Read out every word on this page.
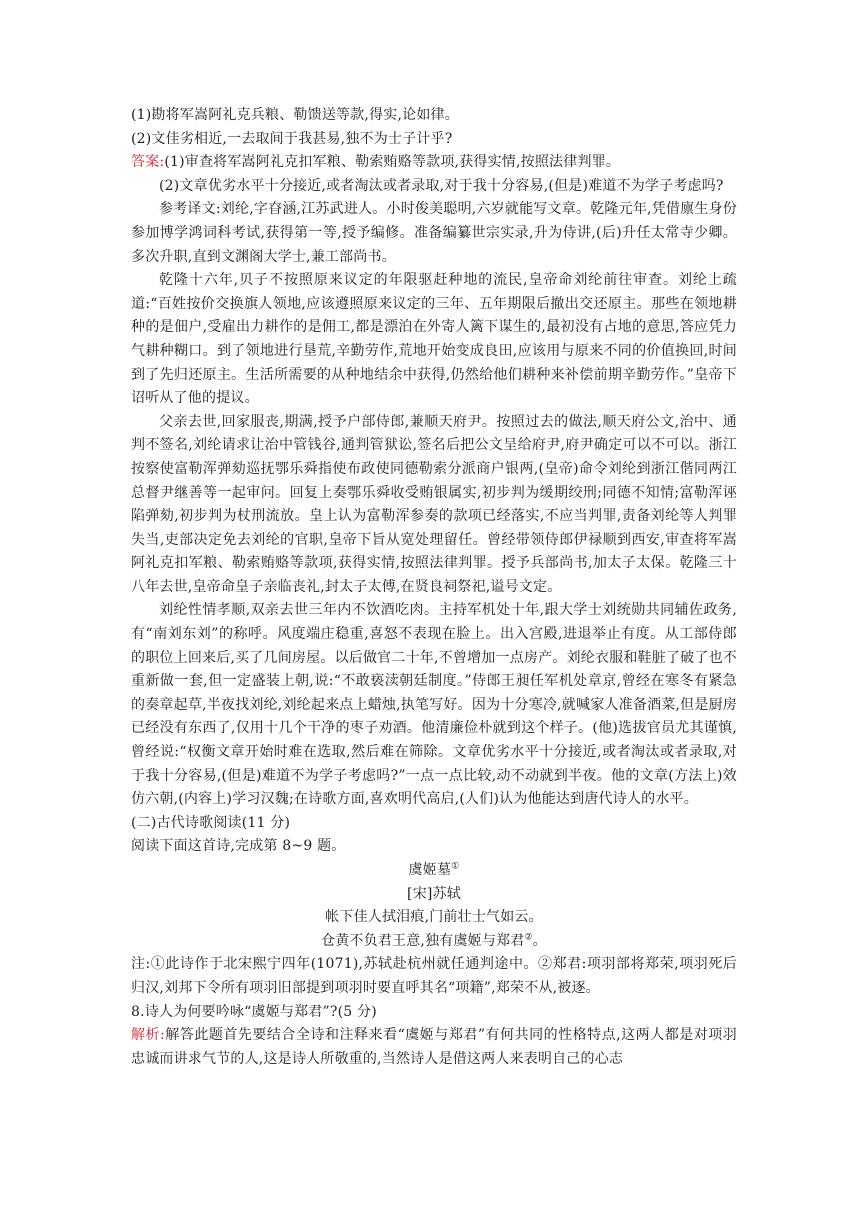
(1)勘将军嵩阿礼克兵粮、勒馈送等款,得实,论如律。

(2)文佳劣相近,一去取间于我甚易,独不为士子计乎?

答案:(1)审查将军嵩阿礼克扣军粮、勒索贿赂等款项,获得实情,按照法律判罪。

(2)文章优劣水平十分接近,或者淘汰或者录取,对于我十分容易,(但是)难道不为学子考虑吗?

参考译文:刘纶,字昚涵,江苏武进人。小时俊美聪明,六岁就能写文章。乾隆元年,凭借廪生身份参加博学鸿词科考试,获得第一等,授予编修。准备编纂世宗实录,升为侍讲,(后)升任太常寺少卿。多次升职,直到文渊阁大学士,兼工部尚书。

乾隆十六年,贝子不按照原来议定的年限驱赶种地的流民,皇帝命刘纶前往审查。刘纶上疏道:“百姓按价交换旗人领地,应该遵照原来议定的三年、五年期限后撤出交还原主。那些在领地耕种的是佃户,受雇出力耕作的是佣工,都是漂泊在外寄人篱下谋生的,最初没有占地的意思,答应凭力气耕种糊口。到了领地进行垦荒,辛勤劳作,荒地开始变成良田,应该用与原来不同的价值换回,时间到了先归还原主。生活所需要的从种地结余中获得,仍然给他们耕种来补偿前期辛勤劳作。”皇帝下诏听从了他的提议。

父亲去世,回家服丧,期满,授予户部侍郎,兼顺天府尹。按照过去的做法,顺天府公文,治中、通判不签名,刘纶请求让治中管钱谷,通判管狱讼,签名后把公文呈给府尹,府尹确定可以不可以。浙江按察使富勒浑弹劾巡抚鄂乐舜指使布政使同德勒索分派商户银两,(皇帝)命令刘纶到浙江偕同两江总督尹继善等一起审问。回复上奏鄂乐舜收受贿银属实,初步判为缓期绞刑;同德不知情;富勒浑诬陷弹劾,初步判为杖刑流放。皇上认为富勒浑参奏的款项已经落实,不应当判罪,责备刘纶等人判罪失当,吏部决定免去刘纶的官职,皇帝下旨从宽处理留任。曾经带领侍郎伊禄顺到西安,审查将军嵩阿礼克扣军粮、勒索贿赂等款项,获得实情,按照法律判罪。授予兵部尚书,加太子太保。乾隆三十八年去世,皇帝命皇子亲临丧礼,封太子太傅,在贤良祠祭祀,谥号文定。

刘纶性情孝顺,双亲去世三年内不饮酒吃肉。主持军机处十年,跟大学士刘统勋共同辅佐政务,有“南刘东刘”的称呼。风度端庄稳重,喜怒不表现在脸上。出入宫殿,进退举止有度。从工部侍郎的职位上回来后,买了几间房屋。以后做官二十年,不曾增加一点房产。刘纶衣服和鞋脏了破了也不重新做一套,但一定盛装上朝,说:“不敢亵渎朝廷制度。”侍郎王昶任军机处章京,曾经在寒冬有紧急的奏章起草,半夜找刘纶,刘纶起来点上蜡烛,执笔写好。因为十分寒冷,就喊家人准备酒菜,但是厨房已经没有东西了,仅用十几个干净的枣子劝酒。他清廉俭朴就到这个样子。(他)选拔官员尤其谨慎,曾经说:“权衡文章开始时难在选取,然后难在筛除。文章优劣水平十分接近,或者淘汰或者录取,对于我十分容易,(但是)难道不为学子考虑吗?”一点一点比较,动不动就到半夜。他的文章(方法上)效仿六朝,(内容上)学习汉魏;在诗歌方面,喜欢明代高启,(人们)认为他能达到唐代诗人的水平。

(二)古代诗歌阅读(11 分)

阅读下面这首诗,完成第 8~9 题。

虞姬墓①

[宋]苏轼

帐下佳人拭泪痕,门前壮士气如云。

仓黄不负君王意,独有虞姬与郑君②。

注:①此诗作于北宋熙宁四年(1071),苏轼赴杭州就任通判途中。②郑君:项羽部将郑荣,项羽死后归汉,刘邦下令所有项羽旧部提到项羽时要直呼其名“项籍”,郑荣不从,被逐。

8.诗人为何要吟咏“虞姬与郑君”?(5 分)

解析:解答此题首先要结合全诗和注释来看“虞姬与郑君”有何共同的性格特点,这两人都是对项羽忠诚而讲求气节的人,这是诗人所敬重的,当然诗人是借这两人来表明自己的心志
